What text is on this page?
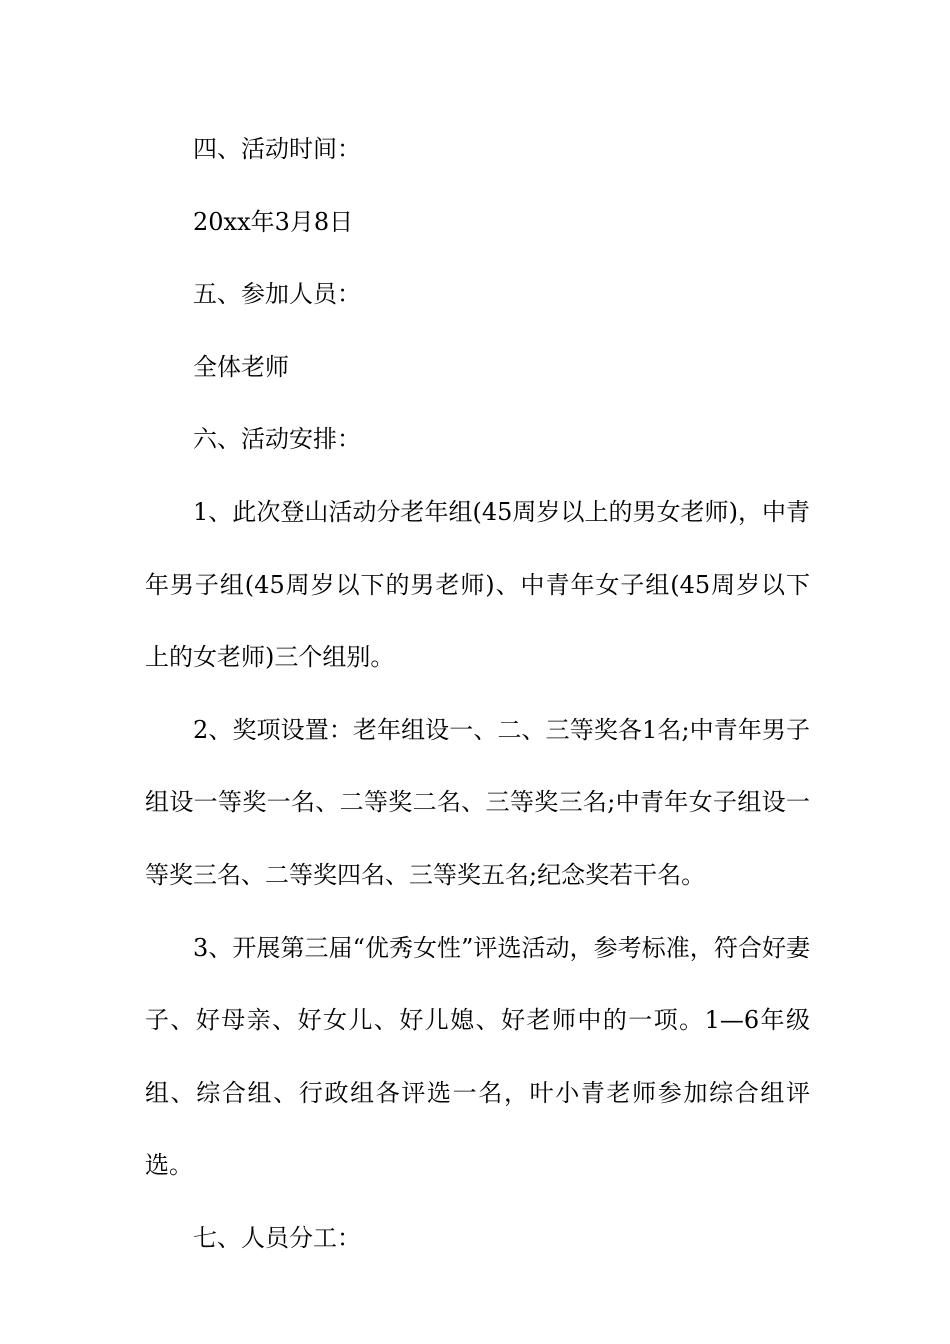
四、活动时间：

20xx年3月8日

五、参加人员：

全体老师

六、活动安排：

1、此次登山活动分老年组(45周岁以上的男女老师)，中青年男子组(45周岁以下的男老师)、中青年女子组(45周岁以下上的女老师)三个组别。

2、奖项设置：老年组设一、二、三等奖各1名;中青年男子组设一等奖一名、二等奖二名、三等奖三名;中青年女子组设一等奖三名、二等奖四名、三等奖五名;纪念奖若干名。

3、开展第三届“优秀女性”评选活动，参考标准，符合好妻子、好母亲、好女儿、好儿媳、好老师中的一项。1—6年级组、综合组、行政组各评选一名，叶小青老师参加综合组评选。

七、人员分工：
